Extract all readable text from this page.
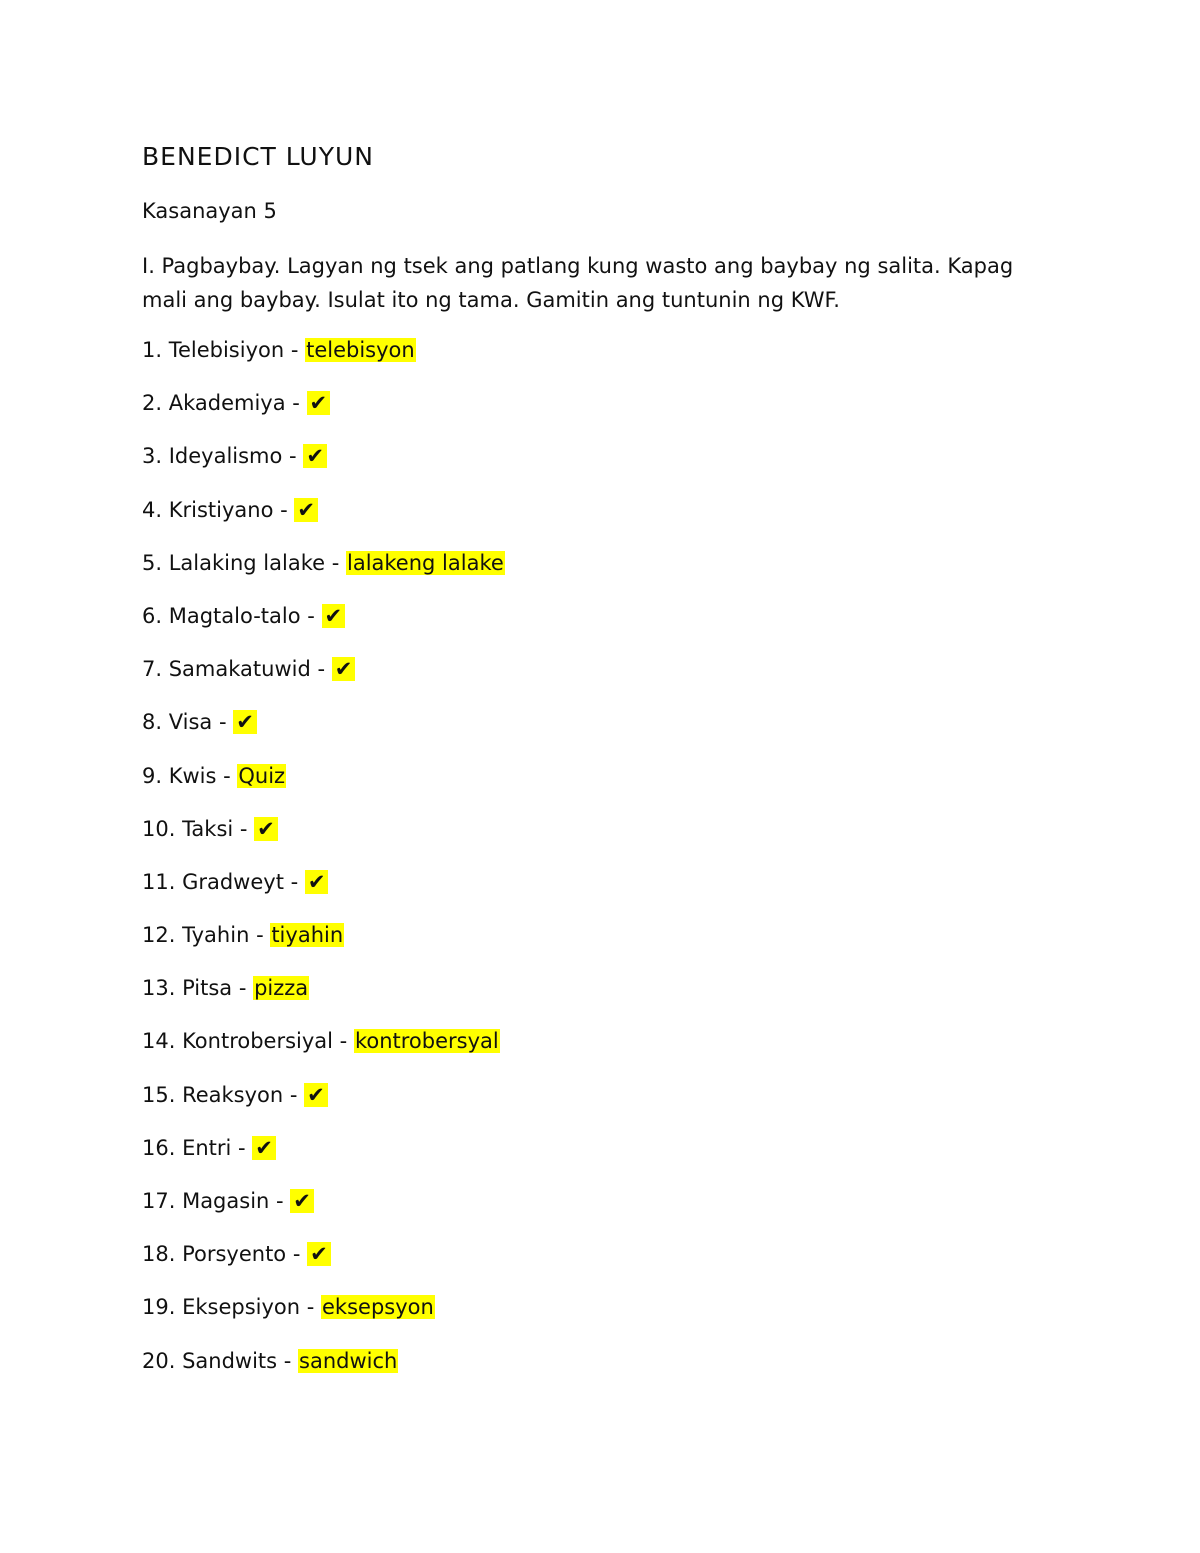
BENEDICT LUYUN

Kasanayan 5

I. Pagbaybay. Lagyan ng tsek ang patlang kung wasto ang baybay ng salita. Kapag mali ang baybay. Isulat ito ng tama. Gamitin ang tuntunin ng KWF.

1. Telebisiyon - telebisyon
2. Akademiya - ✔
3. Ideyalismo - ✔
4. Kristiyano - ✔
5. Lalaking lalake - lalakeng lalake
6. Magtalo-talo - ✔
7. Samakatuwid - ✔
8. Visa - ✔
9. Kwis - Quiz
10. Taksi - ✔
11. Gradweyt - ✔
12. Tyahin - tiyahin
13. Pitsa - pizza
14. Kontrobersiyal - kontrobersyal
15. Reaksyon - ✔
16. Entri - ✔
17. Magasin - ✔
18. Porsyento - ✔
19. Eksepsiyon - eksepsyon
20. Sandwits - sandwich
